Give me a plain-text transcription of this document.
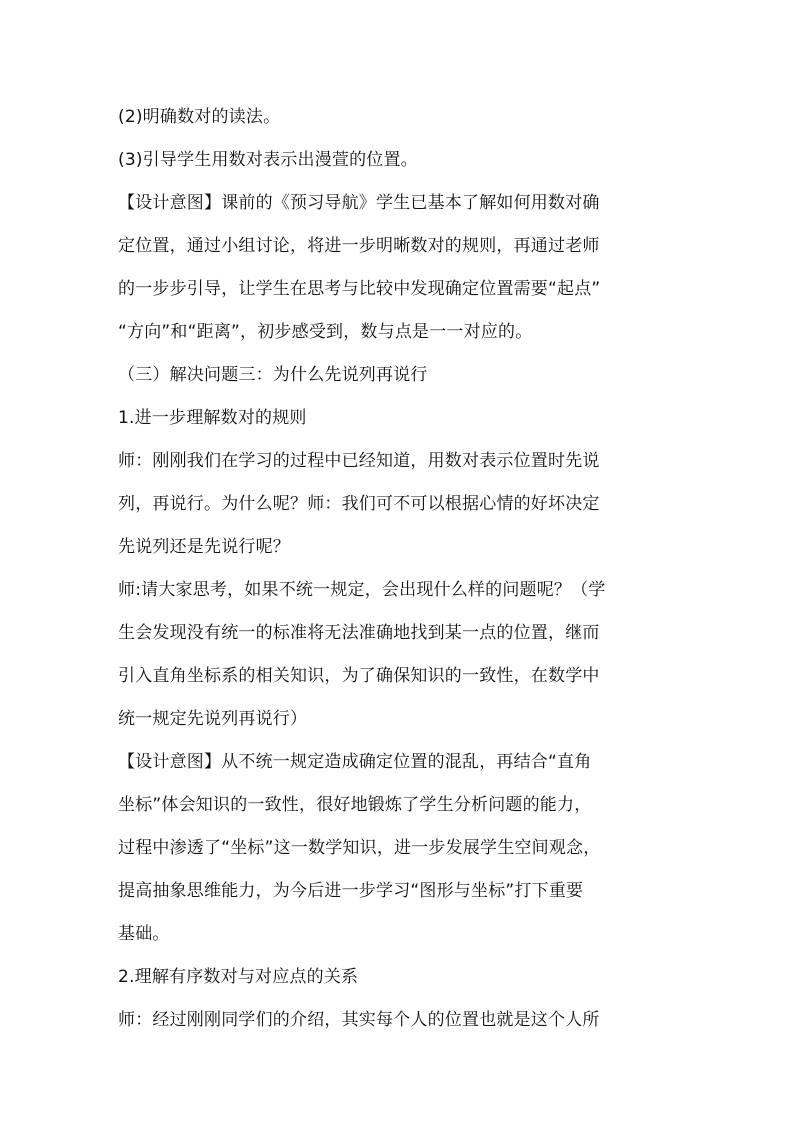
(2)明确数对的读法。
(3)引导学生用数对表示出漫萱的位置。
【设计意图】课前的《预习导航》学生已基本了解如何用数对确
定位置，通过小组讨论，将进一步明晰数对的规则，再通过老师
的一步步引导，让学生在思考与比较中发现确定位置需要“起点”
“方向”和“距离”，初步感受到，数与点是一一对应的。
（三）解决问题三：为什么先说列再说行
1.进一步理解数对的规则
师：刚刚我们在学习的过程中已经知道，用数对表示位置时先说
列，再说行。为什么呢？师：我们可不可以根据心情的好坏决定
先说列还是先说行呢？
师:请大家思考，如果不统一规定，会出现什么样的问题呢？（学
生会发现没有统一的标准将无法准确地找到某一点的位置，继而
引入直角坐标系的相关知识，为了确保知识的一致性，在数学中
统一规定先说列再说行）
【设计意图】从不统一规定造成确定位置的混乱，再结合“直角
坐标”体会知识的一致性，很好地锻炼了学生分析问题的能力，
过程中渗透了“坐标”这一数学知识，进一步发展学生空间观念，
提高抽象思维能力，为今后进一步学习“图形与坐标”打下重要
基础。
2.理解有序数对与对应点的关系
师：经过刚刚同学们的介绍，其实每个人的位置也就是这个人所
